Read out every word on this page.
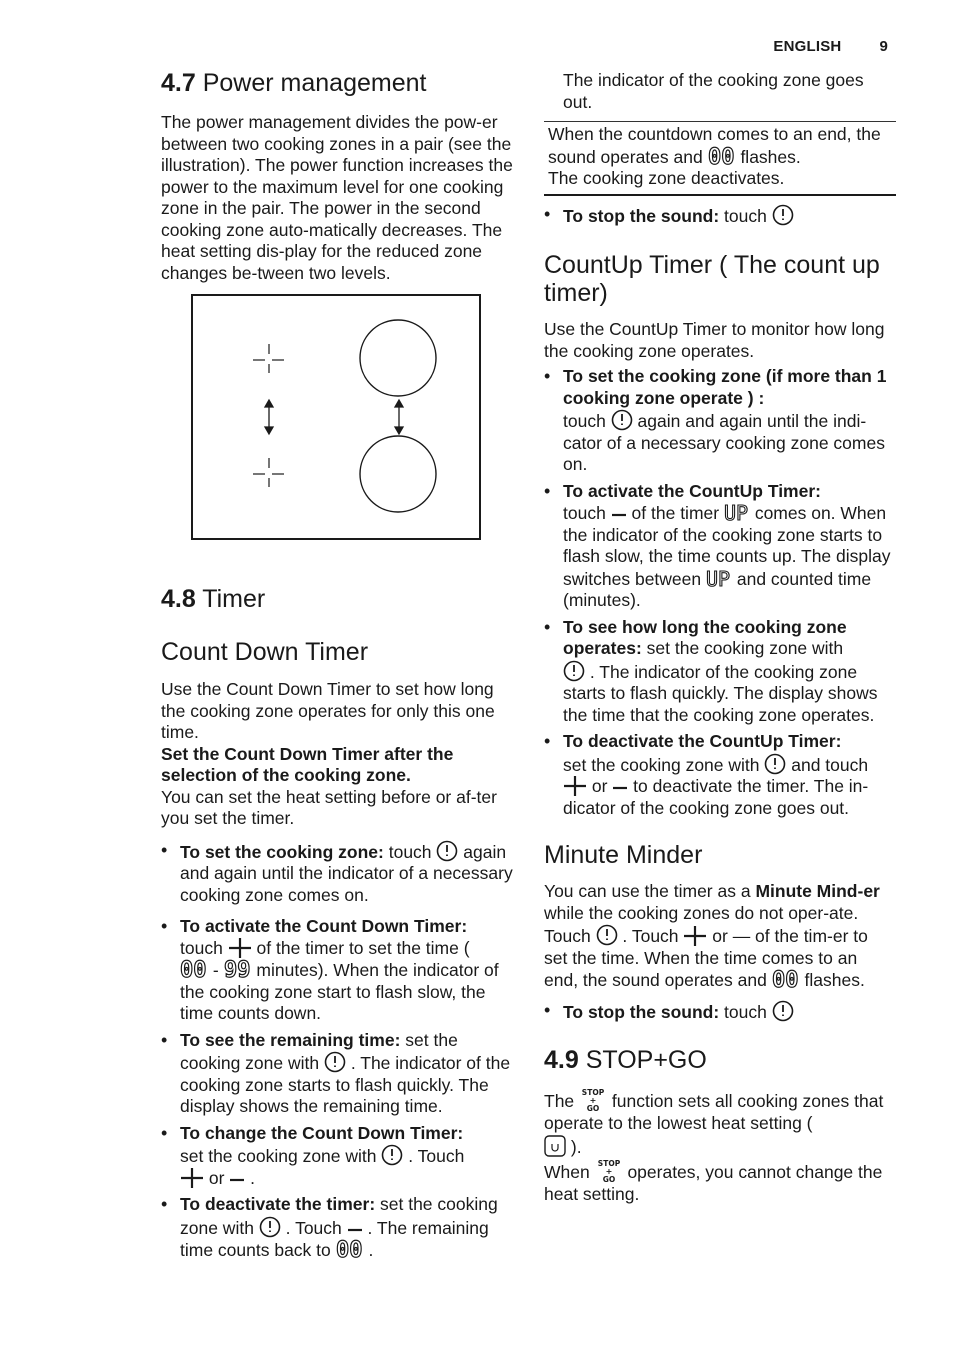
ENGLISH	9
4.7 Power management

The power management divides the pow-er between two cooking zones in a pair (see the illustration). The power function increases the power to the maximum level for one cooking zone in the pair. The power in the second cooking zone auto-matically decreases. The heat setting dis-play for the reduced zone changes be-tween two levels.

4.8 Timer
Count Down Timer

Use the Count Down Timer to set how long the cooking zone operates for only this one time.

Set the Count Down Timer after the selection of the cooking zone.

You can set the heat setting before or af-ter you set the timer.

• To set the cooking zone: touch  again and again until the indicator of a necessary cooking zone comes on.
• To activate the Count Down Timer:
touch  of the timer to set the time (

00 - 99 minutes). When the indicator of the cooking zone start to flash slow, the time counts down.
• To see the remaining time: set the cooking zone with  . The indicator of the cooking zone starts to flash quickly. The display shows the remaining time.
• To change the Count Down Timer:
set the cooking zone with  . Touch
or  .
• To deactivate the timer: set the cooking zone with  . Touch  . The remaining time counts back to 00 .

The indicator of the cooking zone goes out.

When the countdown comes to an end, the sound operates and 00 flashes.
The cooking zone deactivates.
• To stop the sound: touch
CountUp Timer ( The count up timer)

Use the CountUp Timer to monitor how long the cooking zone operates.

• To set the cooking zone (if more than 1 cooking zone operate ) :
touch  again and again until the indi-cator of a necessary cooking zone comes on.
• To activate the CountUp Timer:
touch  of the timer UP comes on. When the indicator of the cooking zone starts to flash slow, the time counts up. The display switches between UP and counted time (minutes).
• To see how long the cooking zone operates: set the cooking zone with
. The indicator of the cooking zone starts to flash quickly. The display shows the time that the cooking zone operates.
• To deactivate the CountUp Timer:
set the cooking zone with  and touch
or  to deactivate the timer. The in-dicator of the cooking zone goes out.
Minute Minder

You can use the timer as a Minute Mind-er while the cooking zones do not oper-ate. Touch  . Touch  or — of the tim-er to set the time. When the time comes to an end, the sound operates and 00 flashes.

• To stop the sound: touch
4.9 STOP+GO

The STOP
+
GO function sets all cooking zones that operate to the lowest heat setting (
).
When STOP
+
GO operates, you cannot change the heat setting.
